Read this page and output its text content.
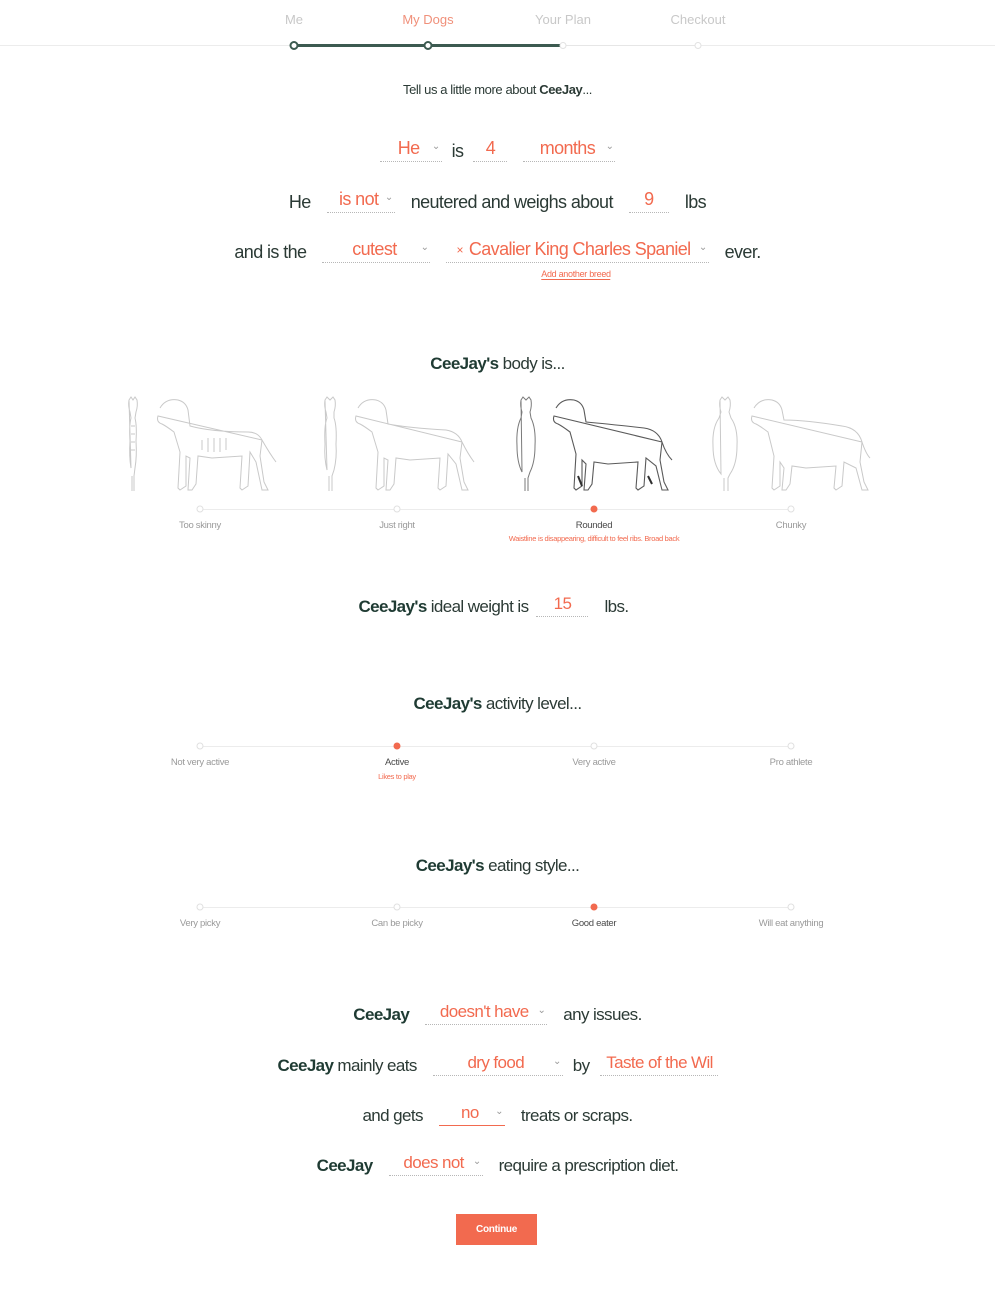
Me	My Dogs	Your Plan	Checkout
Tell us a little more about CeeJay ...
He ⌄ is 4 months ⌄
He is not ⌄ neutered and weighs about 9 lbs
and is the	cutest ⌄ × Cavalier King Charles Spaniel ⌄ ever.
Add another breed
CeeJay's body is...
Too skinny	Just right	Rounded	Chunky
Waistline is disappearing, difficult to feel ribs. Broad back
CeeJay's ideal weight is 15 lbs.
CeeJay's activity level...
Not very active	Active	Very active	Pro athlete
Likes to play
CeeJay's eating style...
Very picky	Can be picky	Good eater	Will eat anything
CeeJay doesn't have ⌄ any issues.
CeeJay mainly eats	dry food	⌄ by Taste of the Wil
and gets no ⌄ treats or scraps.
CeeJay does not ⌄ require a prescription diet.
Continue
